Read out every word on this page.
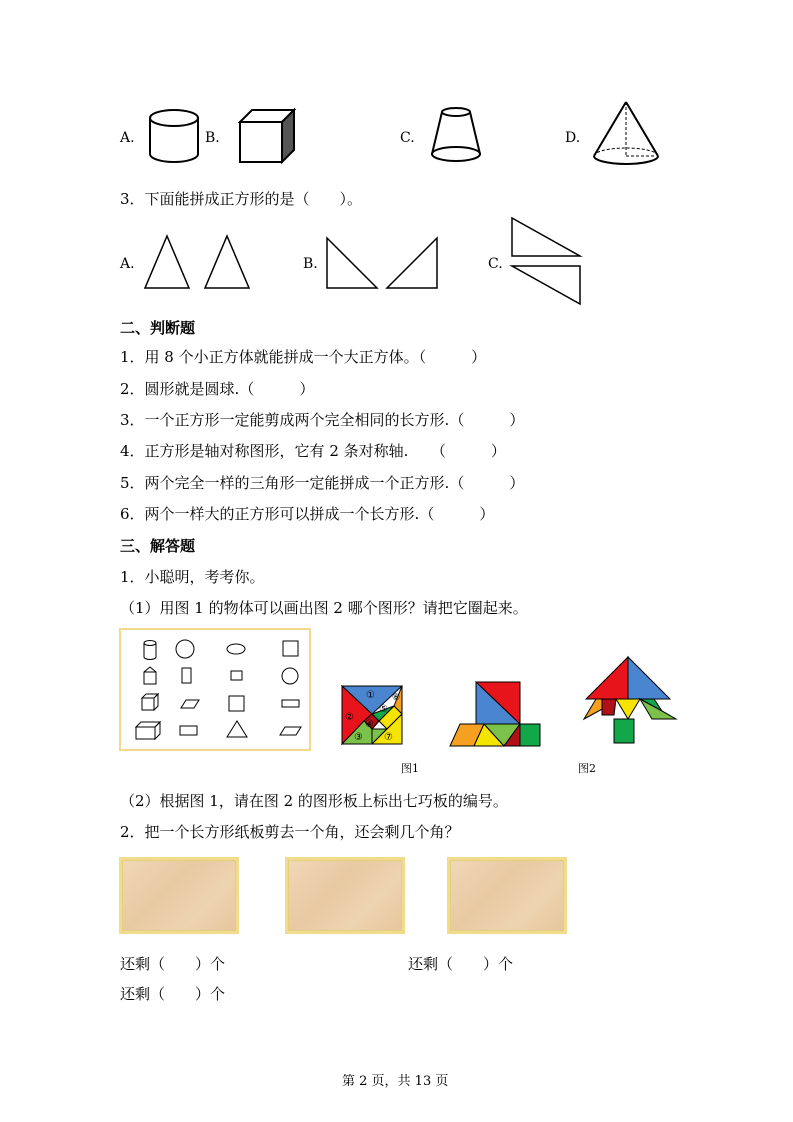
A.	B.	C.	D.
3．下面能拼成正方形的是（　　）。
A.	B.	C.
二、判断题
1．用 8 个小正方体就能拼成一个大正方体。（　　　）
2．圆形就是圆球.（　　　）
3．一个正方形一定能剪成两个完全相同的长方形.（　　　）
4．正方形是轴对称图形，它有 2 条对称轴.　　（　　　）
5．两个完全一样的三角形一定能拼成一个正方形.（　　　）
6．两个一样大的正方形可以拼成一个长方形.（　　　）
三、解答题
1．小聪明，考考你。
（1）用图 1 的物体可以画出图 2 哪个图形？请把它圈起来。
①
②
③
④
⑤
⑥
⑦
图1	图2
（2）根据图 1，请在图 2 的图形板上标出七巧板的编号。
2．把一个长方形纸板剪去一个角，还会剩几个角？
还剩（　　）个	还剩（　　）个
还剩（　　）个
第 2 页，共 13 页
